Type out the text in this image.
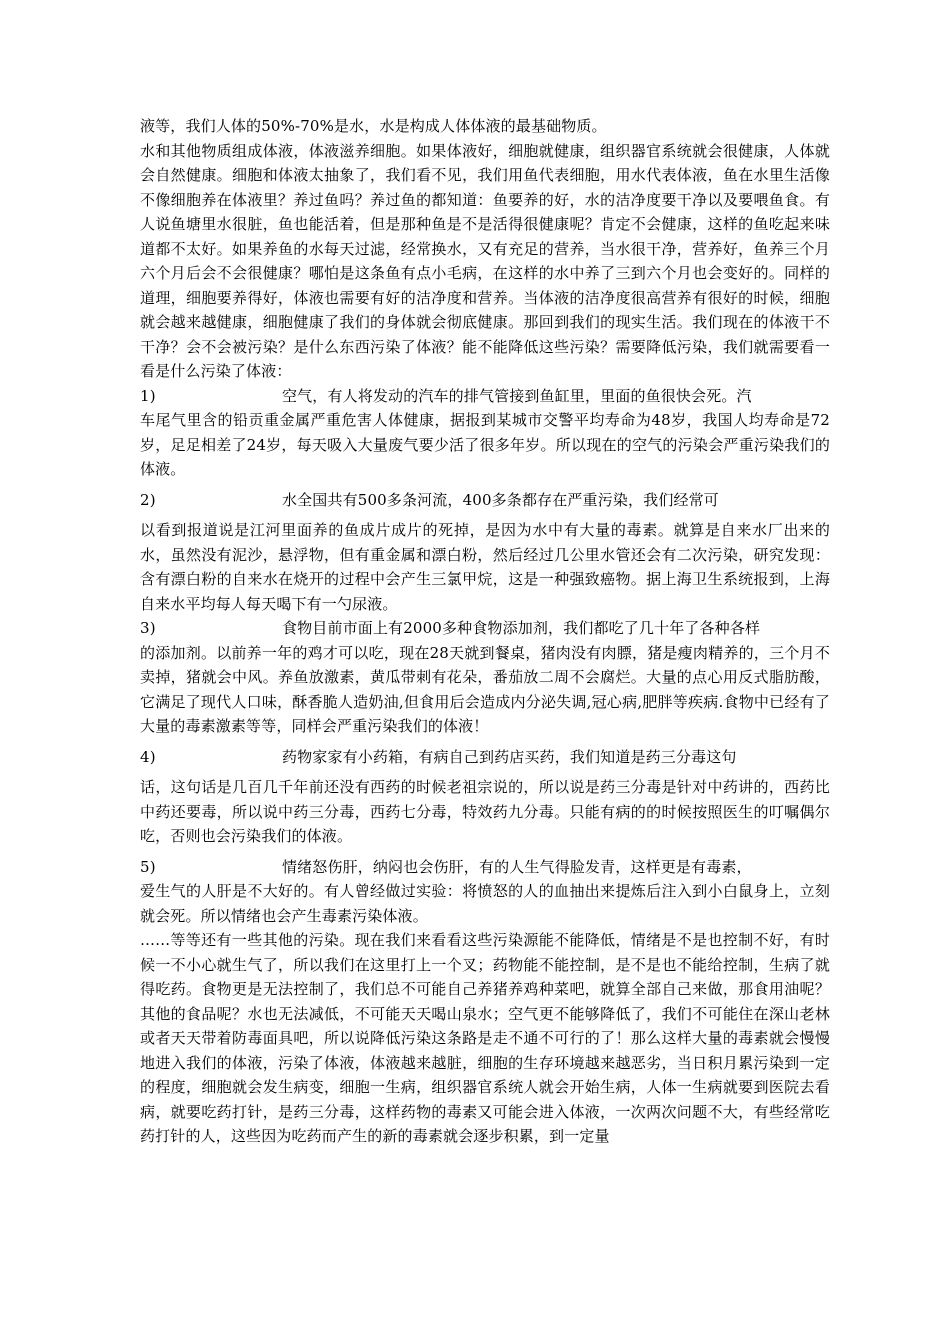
液等，我们人体的50%-70%是水，水是构成人体体液的最基础物质。

水和其他物质组成体液，体液滋养细胞。如果体液好，细胞就健康，组织器官系统就会很健康，人体就会自然健康。细胞和体液太抽象了，我们看不见，我们用鱼代表细胞，用水代表体液，鱼在水里生活像不像细胞养在体液里？养过鱼吗？养过鱼的都知道：鱼要养的好，水的洁净度要干净以及要喂鱼食。有人说鱼塘里水很脏，鱼也能活着，但是那种鱼是不是活得很健康呢？肯定不会健康，这样的鱼吃起来味道都不太好。如果养鱼的水每天过滤，经常换水，又有充足的营养，当水很干净，营养好，鱼养三个月六个月后会不会很健康？哪怕是这条鱼有点小毛病，在这样的水中养了三到六个月也会变好的。同样的道理，细胞要养得好，体液也需要有好的洁净度和营养。当体液的洁净度很高营养有很好的时候，细胞就会越来越健康，细胞健康了我们的身体就会彻底健康。那回到我们的现实生活。我们现在的体液干不干净？会不会被污染？是什么东西污染了体液？能不能降低这些污染？需要降低污染，我们就需要看一看是什么污染了体液：

1)	空气，有人将发动的汽车的排气管接到鱼缸里，里面的鱼很快会死。汽

车尾气里含的铅贡重金属严重危害人体健康，据报到某城市交警平均寿命为48岁，我国人均寿命是72岁，足足相差了24岁，每天吸入大量废气要少活了很多年岁。所以现在的空气的污染会严重污染我们的体液。

2)	水全国共有500多条河流，400多条都存在严重污染，我们经常可

以看到报道说是江河里面养的鱼成片成片的死掉，是因为水中有大量的毒素。就算是自来水厂出来的水，虽然没有泥沙，悬浮物，但有重金属和漂白粉，然后经过几公里水管还会有二次污染，研究发现：含有漂白粉的自来水在烧开的过程中会产生三氯甲烷，这是一种强致癌物。据上海卫生系统报到，上海自来水平均每人每天喝下有一勺尿液。

3)	食物目前市面上有2000多种食物添加剂，我们都吃了几十年了各种各样

的添加剂。以前养一年的鸡才可以吃，现在28天就到餐桌，猪肉没有肉膘，猪是瘦肉精养的，三个月不卖掉，猪就会中风。养鱼放激素，黄瓜带刺有花朵，番茄放二周不会腐烂。大量的点心用反式脂肪酸，它满足了现代人口味，酥香脆人造奶油,但食用后会造成内分泌失调,冠心病,肥胖等疾病.食物中已经有了大量的毒素激素等等，同样会严重污染我们的体液！

4)	药物家家有小药箱，有病自己到药店买药，我们知道是药三分毒这句

话，这句话是几百几千年前还没有西药的时候老祖宗说的，所以说是药三分毒是针对中药讲的，西药比中药还要毒，所以说中药三分毒，西药七分毒，特效药九分毒。只能有病的的时候按照医生的叮嘱偶尔吃，否则也会污染我们的体液。

5)	情绪怒伤肝，纳闷也会伤肝，有的人生气得脸发青，这样更是有毒素，

爱生气的人肝是不大好的。有人曾经做过实验：将愤怒的人的血抽出来提炼后注入到小白鼠身上，立刻就会死。所以情绪也会产生毒素污染体液。

……等等还有一些其他的污染。现在我们来看看这些污染源能不能降低，情绪是不是也控制不好，有时候一不小心就生气了，所以我们在这里打上一个叉；药物能不能控制，是不是也不能给控制，生病了就得吃药。食物更是无法控制了，我们总不可能自己养猪养鸡种菜吧，就算全部自己来做，那食用油呢？其他的食品呢？水也无法减低，不可能天天喝山泉水；空气更不能够降低了，我们不可能住在深山老林或者天天带着防毒面具吧，所以说降低污染这条路是走不通不可行的了！那么这样大量的毒素就会慢慢地进入我们的体液，污染了体液，体液越来越脏，细胞的生存环境越来越恶劣，当日积月累污染到一定的程度，细胞就会发生病变，细胞一生病，组织器官系统人就会开始生病，人体一生病就要到医院去看病，就要吃药打针，是药三分毒，这样药物的毒素又可能会进入体液，一次两次问题不大，有些经常吃药打针的人，这些因为吃药而产生的新的毒素就会逐步积累，到一定量
